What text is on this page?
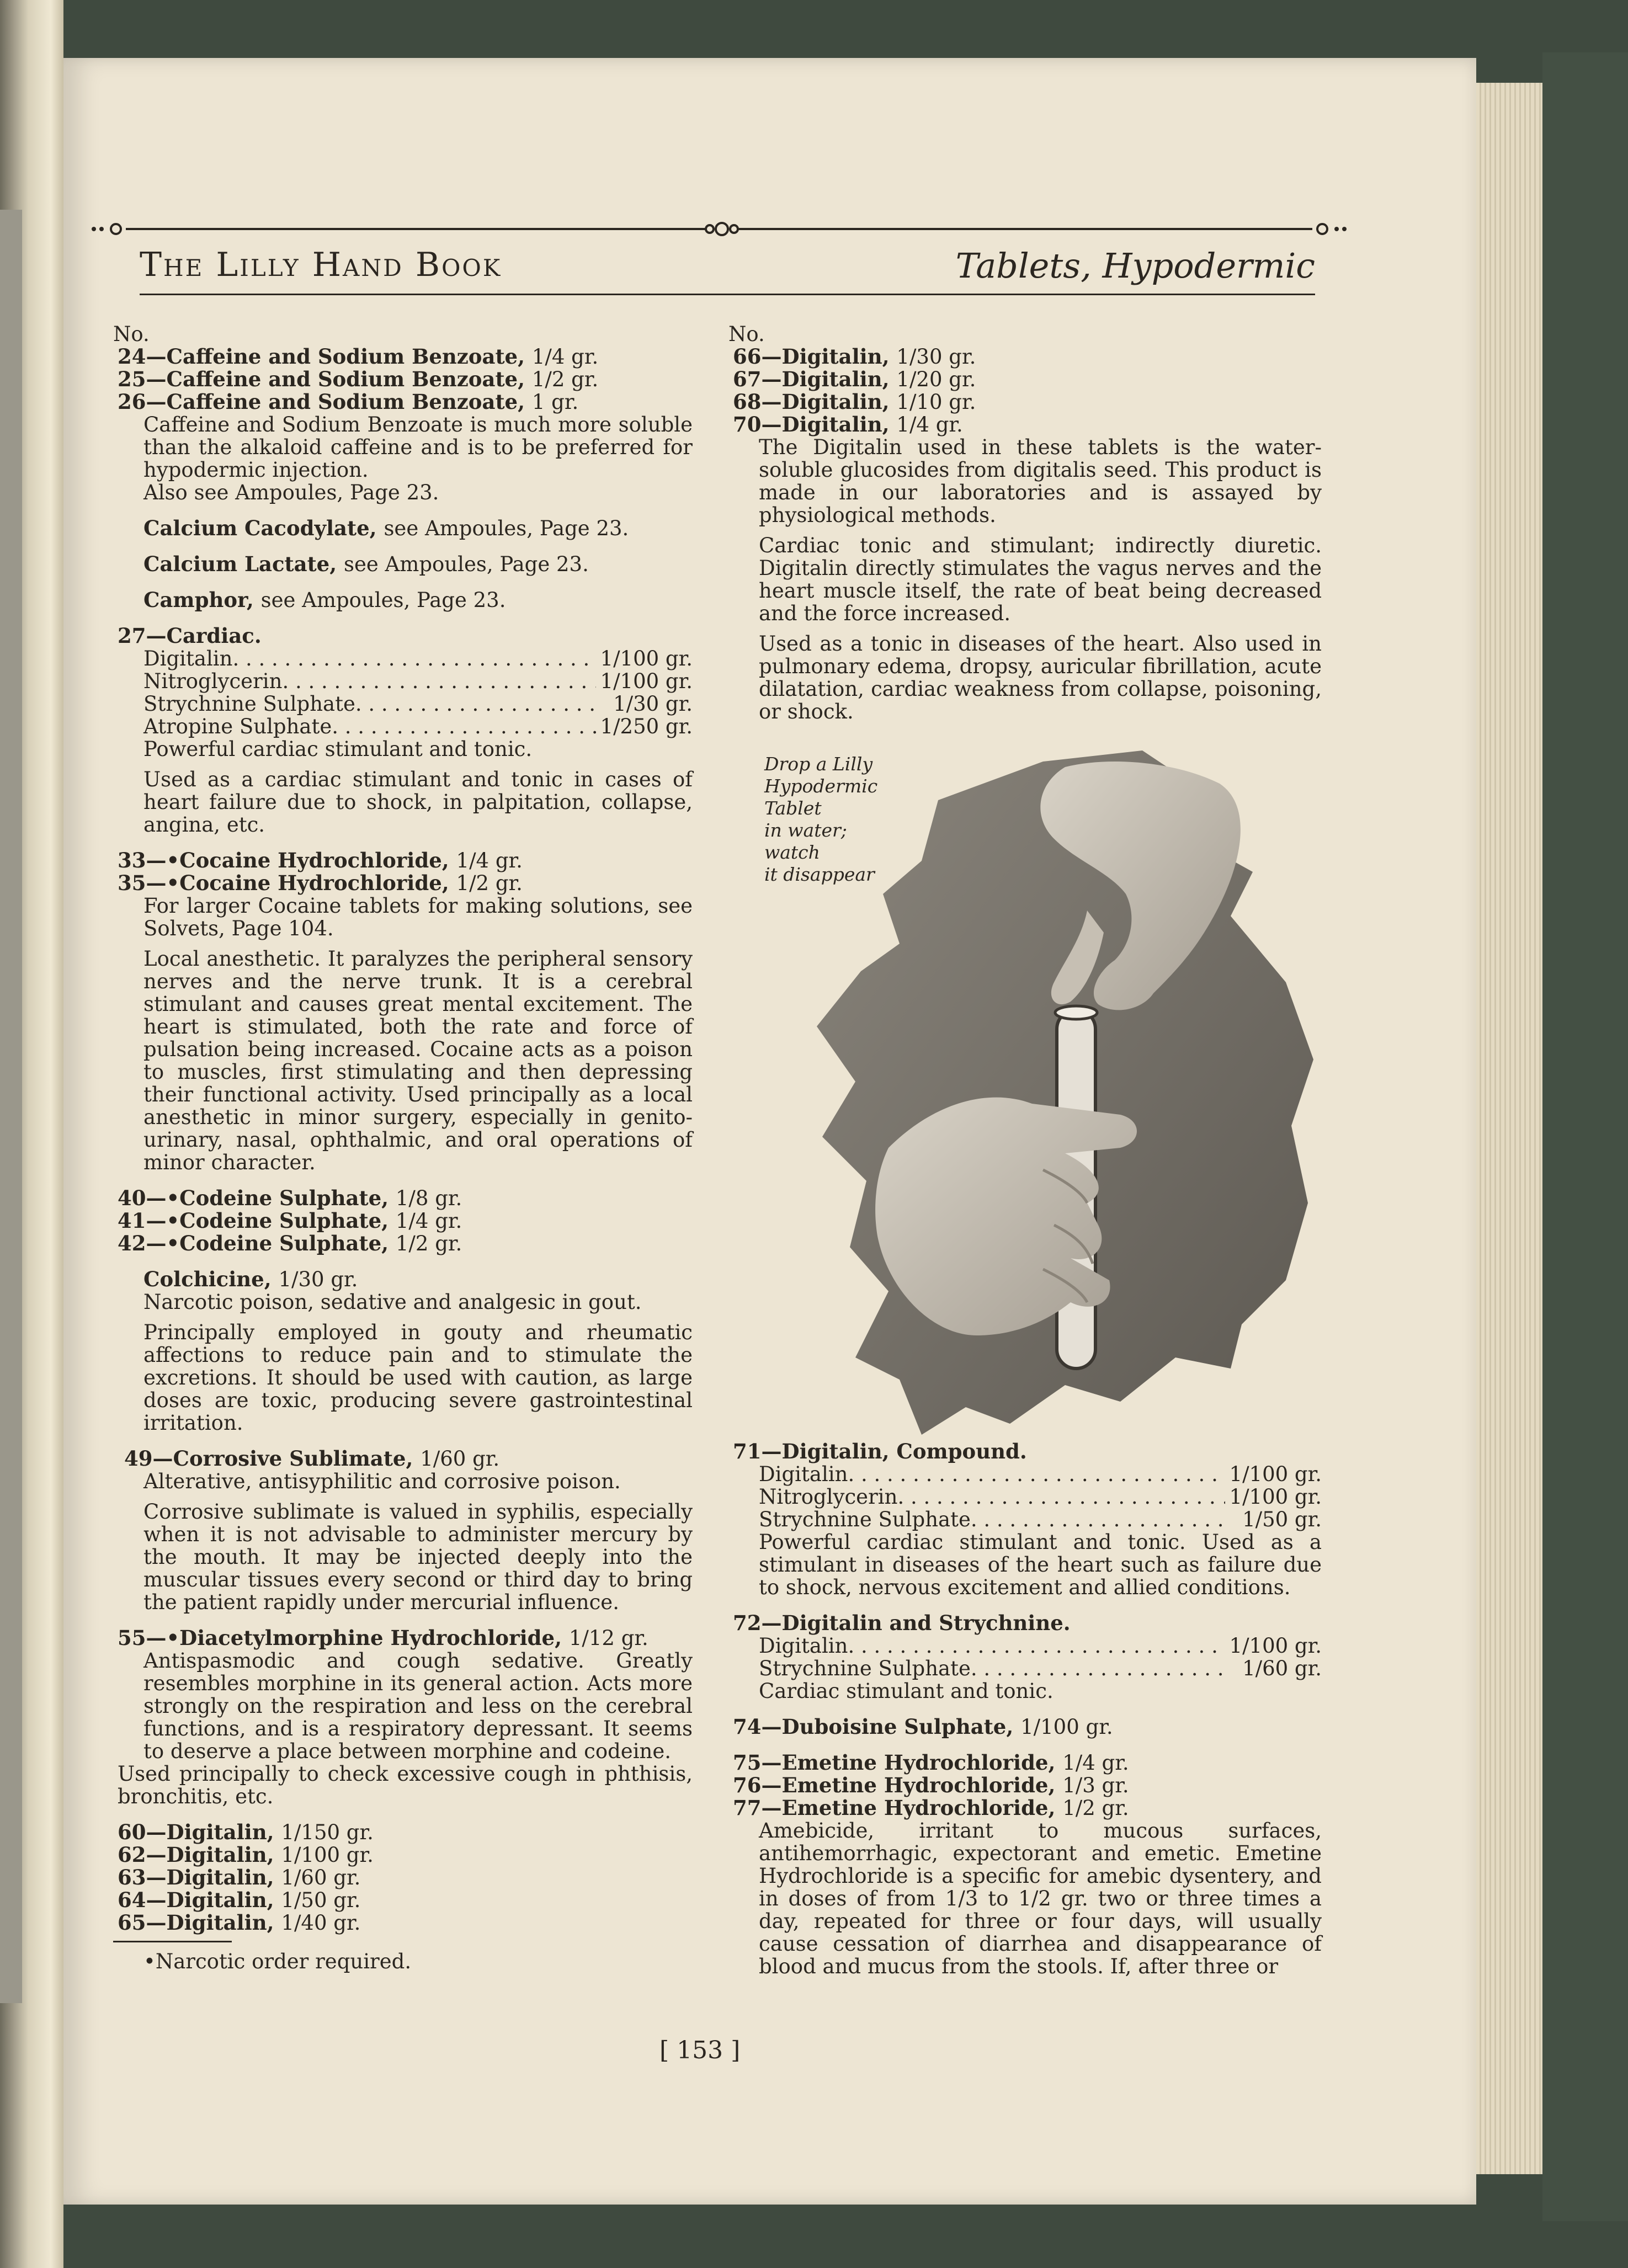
The Lilly Hand Book	Tablets, Hypodermic

No.

24—Caffeine and Sodium Benzoate, 1/4 gr.

25—Caffeine and Sodium Benzoate, 1/2 gr.

26—Caffeine and Sodium Benzoate, 1 gr.

Caffeine and Sodium Benzoate is much more soluble than the alkaloid caffeine and is to be preferred for hypodermic injection.

Also see Ampoules, Page 23.

Calcium Cacodylate, see Ampoules, Page 23.

Calcium Lactate, see Ampoules, Page 23.

Camphor, see Ampoules, Page 23.

27—Cardiac.

Digitalin . . .	1/100 gr.
Nitroglycerin . . .	1/100 gr.
Strychnine Sulphate . . .	1/30 gr.
Atropine Sulphate . . .	1/250 gr.

Powerful cardiac stimulant and tonic.

Used as a cardiac stimulant and tonic in cases of heart failure due to shock, in palpitation, collapse, angina, etc.

33—•Cocaine Hydrochloride, 1/4 gr.

35—•Cocaine Hydrochloride, 1/2 gr.

For larger Cocaine tablets for making solutions, see Solvets, Page 104.

Local anesthetic. It paralyzes the peripheral sensory nerves and the nerve trunk. It is a cerebral stimulant and causes great mental excitement. The heart is stimulated, both the rate and force of pulsation being increased. Cocaine acts as a poison to muscles, first stimulating and then depressing their functional activity. Used principally as a local anesthetic in minor surgery, especially in genito-urinary, nasal, ophthalmic, and oral operations of minor character.

40—•Codeine Sulphate, 1/8 gr.

41—•Codeine Sulphate, 1/4 gr.

42—•Codeine Sulphate, 1/2 gr.

Colchicine, 1/30 gr.

Narcotic poison, sedative and analgesic in gout.

Principally employed in gouty and rheumatic affections to reduce pain and to stimulate the excretions. It should be used with caution, as large doses are toxic, producing severe gastrointestinal irritation.

49—Corrosive Sublimate, 1/60 gr.

Alterative, antisyphilitic and corrosive poison.

Corrosive sublimate is valued in syphilis, especially when it is not advisable to administer mercury by the mouth. It may be injected deeply into the muscular tissues every second or third day to bring the patient rapidly under mercurial influence.

55—•Diacetylmorphine Hydrochloride, 1/12 gr.

Antispasmodic and cough sedative. Greatly resembles morphine in its general action. Acts more strongly on the respiration and less on the cerebral functions, and is a respiratory depressant. It seems to deserve a place between morphine and codeine.

Used principally to check excessive cough in phthisis, bronchitis, etc.

60—Digitalin, 1/150 gr.

62—Digitalin, 1/100 gr.

63—Digitalin, 1/60 gr.

64—Digitalin, 1/50 gr.

65—Digitalin, 1/40 gr.

•Narcotic order required.

No.

66—Digitalin, 1/30 gr.

67—Digitalin, 1/20 gr.

68—Digitalin, 1/10 gr.

70—Digitalin, 1/4 gr.

The Digitalin used in these tablets is the water-soluble glucosides from digitalis seed. This product is made in our laboratories and is assayed by physiological methods.

Cardiac tonic and stimulant; indirectly diuretic. Digitalin directly stimulates the vagus nerves and the heart muscle itself, the rate of beat being decreased and the force increased.

Used as a tonic in diseases of the heart. Also used in pulmonary edema, dropsy, auricular fibrillation, acute dilatation, cardiac weakness from collapse, poisoning, or shock.

71—Digitalin, Compound.

Digitalin . . .	1/100 gr.
Nitroglycerin . . .	1/100 gr.
Strychnine Sulphate . . .	1/50 gr.

Powerful cardiac stimulant and tonic. Used as a stimulant in diseases of the heart such as failure due to shock, nervous excitement and allied conditions.

72—Digitalin and Strychnine.

Digitalin . . .	1/100 gr.
Strychnine Sulphate . . .	1/60 gr.

Cardiac stimulant and tonic.

74—Duboisine Sulphate, 1/100 gr.

75—Emetine Hydrochloride, 1/4 gr.

76—Emetine Hydrochloride, 1/3 gr.

77—Emetine Hydrochloride, 1/2 gr.

Amebicide, irritant to mucous surfaces, antihemorrhagic, expectorant and emetic. Emetine Hydrochloride is a specific for amebic dysentery, and in doses of from 1/3 to 1/2 gr. two or three times a day, repeated for three or four days, will usually cause cessation of diarrhea and disappearance of blood and mucus from the stools. If, after three or

Drop a Lilly
Hypodermic
Tablet
in water;
watch
it disappear
[ 153 ]
